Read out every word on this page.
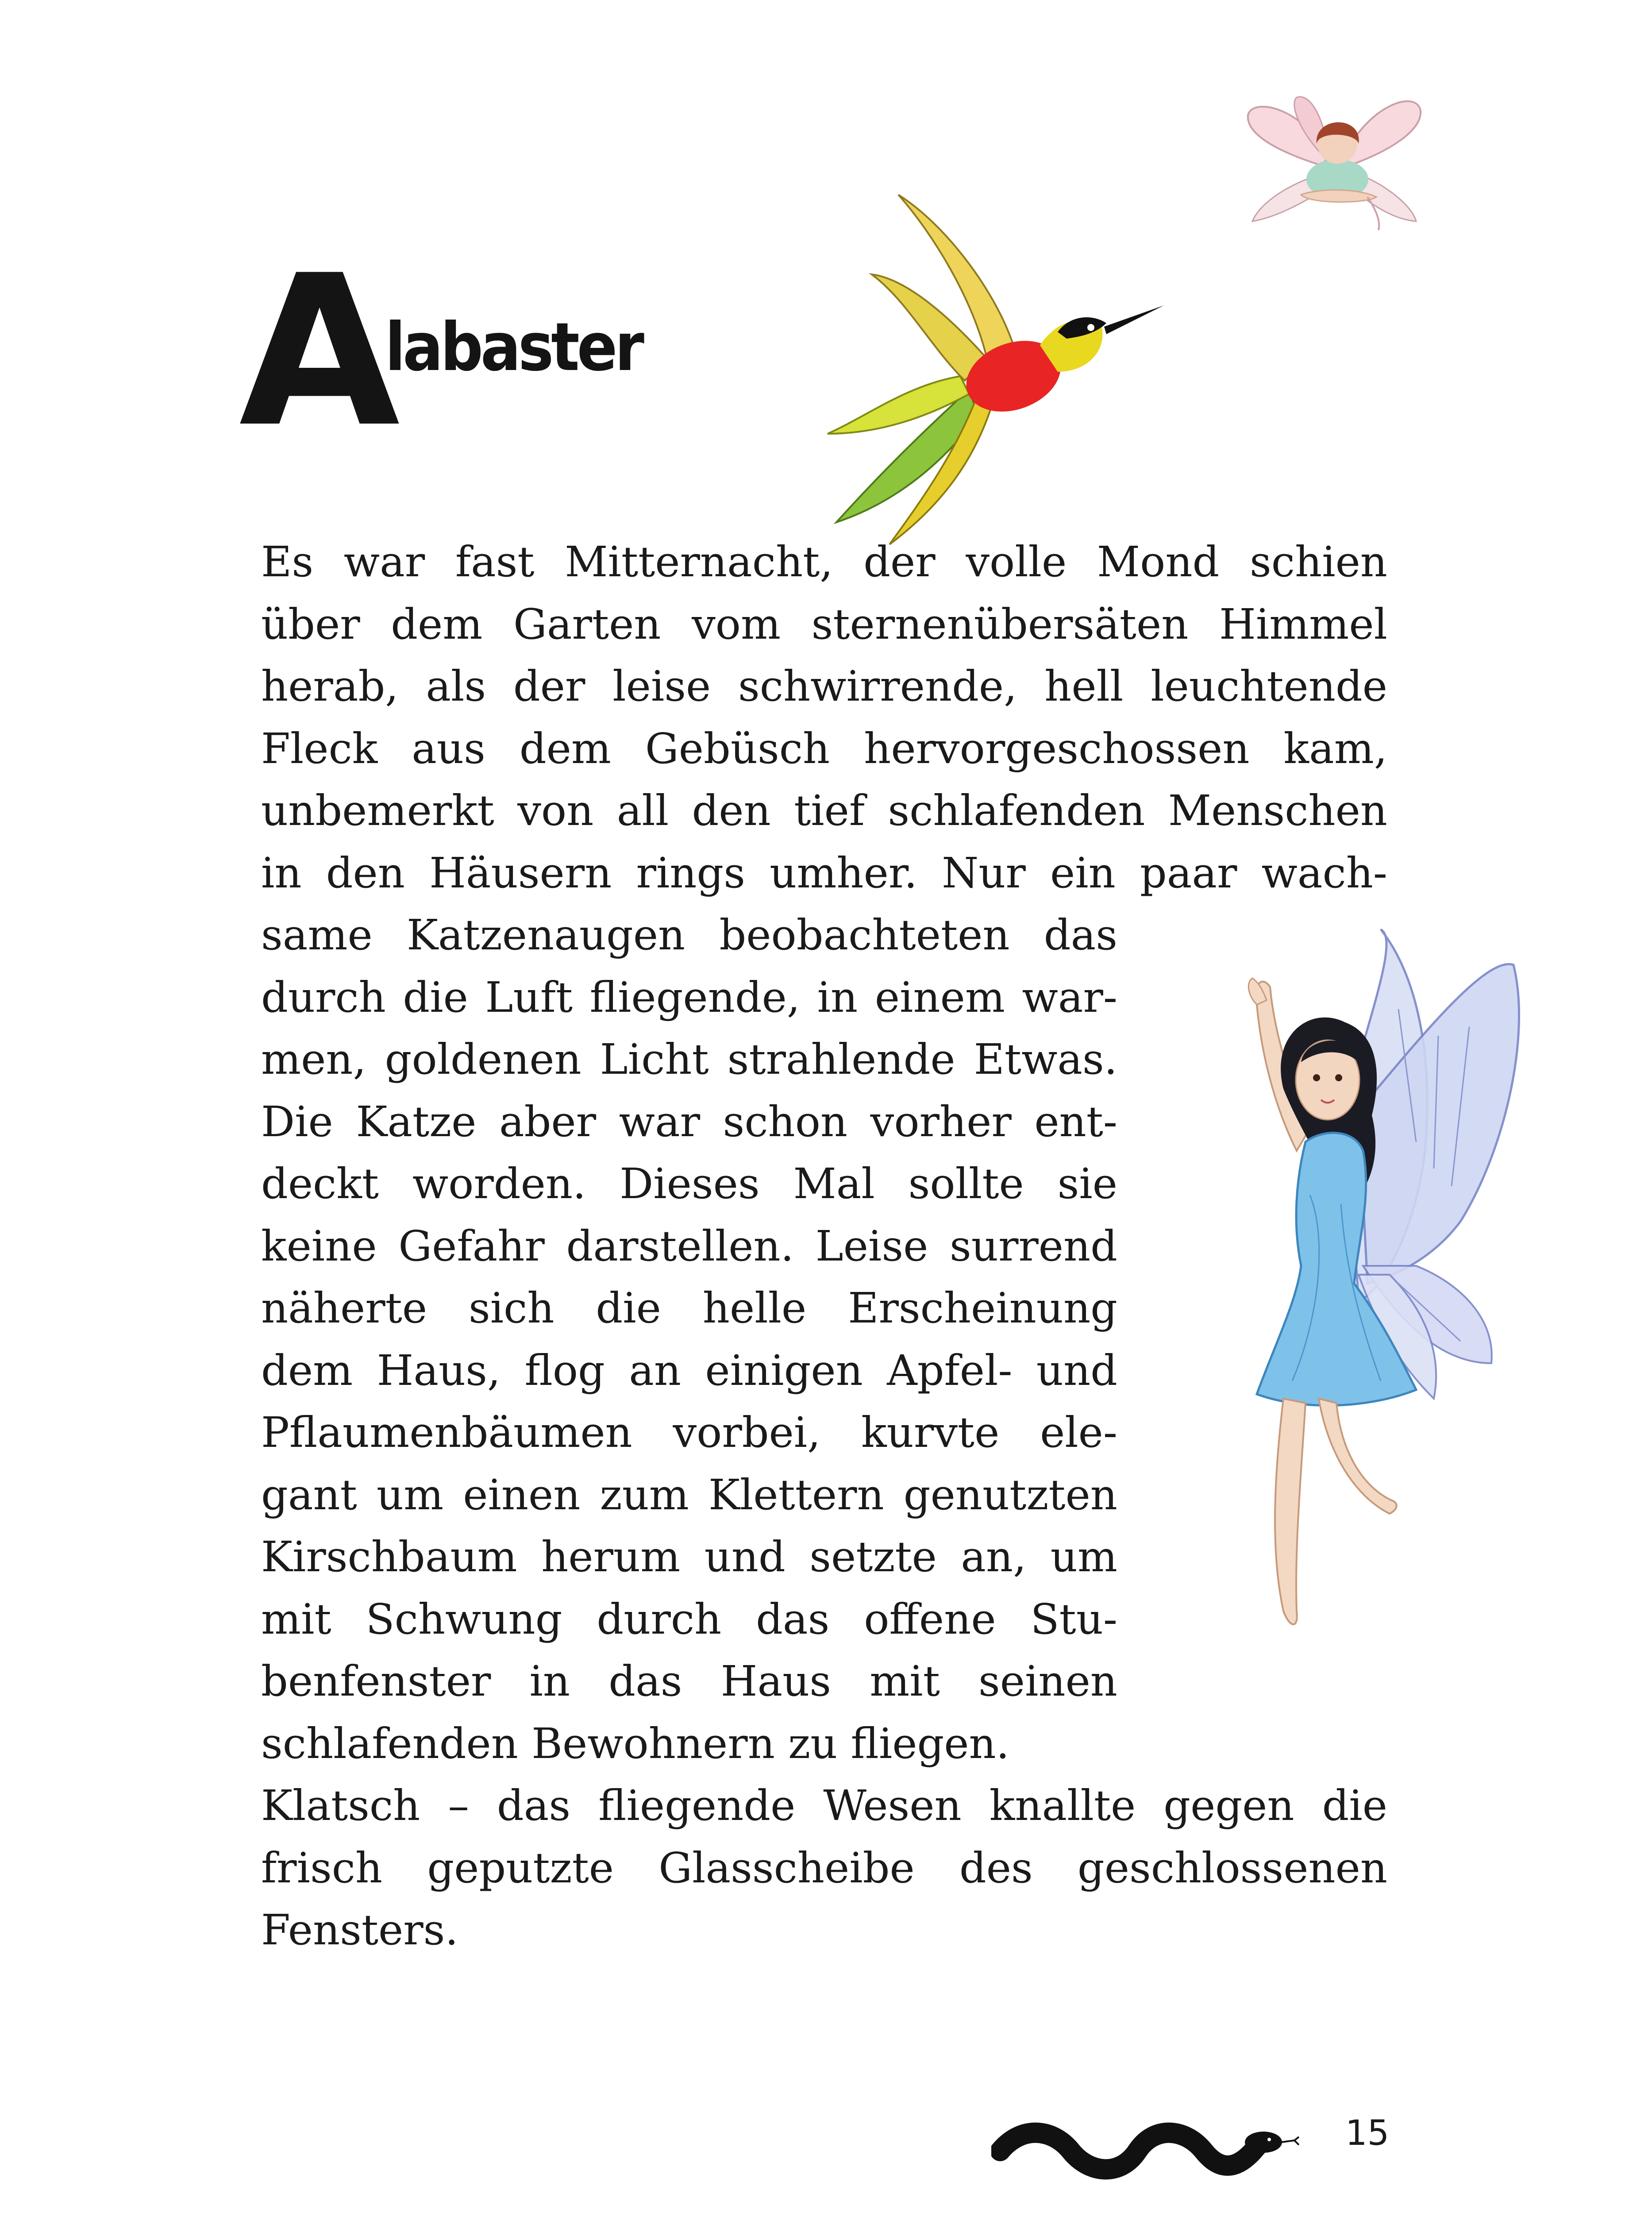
A
labaster
Es war fast Mitternacht, der volle Mond schien
über dem Garten vom sternenübersäten Himmel
herab, als der leise schwirrende, hell leuchtende
Fleck aus dem Gebüsch hervorgeschossen kam,
unbemerkt von all den tief schlafenden Menschen
in den Häusern rings umher. Nur ein paar wach-
same Katzenaugen beobachteten das
durch die Luft fliegende, in einem war-
men, goldenen Licht strahlende Etwas.
Die Katze aber war schon vorher ent-
deckt worden. Dieses Mal sollte sie
keine Gefahr darstellen. Leise surrend
näherte sich die helle Erscheinung
dem Haus, flog an einigen Apfel- und
Pflaumenbäumen vorbei, kurvte ele-
gant um einen zum Klettern genutzten
Kirschbaum herum und setzte an, um
mit Schwung durch das offene Stu-
benfenster in das Haus mit seinen
schlafenden Bewohnern zu fliegen.
Klatsch – das fliegende Wesen knallte gegen die
frisch geputzte Glasscheibe des geschlossenen
Fensters.
15
